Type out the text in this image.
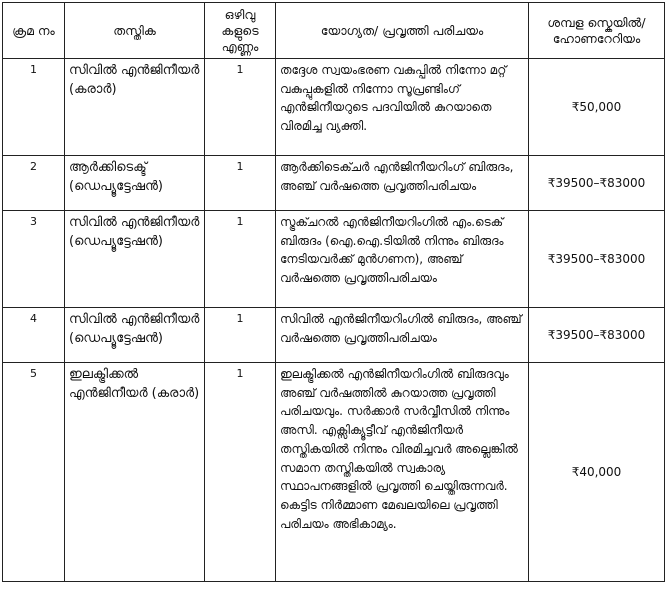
ക്രമ നം	തസ്തിക	ഒഴിവു കളുടെ എണ്ണം	യോഗ്യത/ പ്രവൃത്തി പരിചയം	ശമ്പള സ്കെയിൽ/ ഹോണറേറിയം
1	സിവിൽ എൻജിനീയർ (കരാർ)	1	തദ്ദേശ സ്വയംഭരണ വകുപ്പിൽ നിന്നോ മറ്റ് വകുപ്പുകളിൽ നിന്നോ സൂപ്രണ്ടിംഗ് എൻജിനീയറുടെ പദവിയിൽ കുറയാതെ വിരമിച്ച വ്യക്തി.	₹50,000
2	ആർക്കിടെക്ട് (ഡെപ്യൂട്ടേഷൻ)	1	ആർക്കിടെക്ചർ എൻജിനീയറിംഗ് ബിരുദം, അഞ്ച് വർഷത്തെ പ്രവൃത്തിപരിചയം	₹39500–₹83000
3	സിവിൽ എൻജിനീയർ (ഡെപ്യൂട്ടേഷൻ)	1	സ്ട്രക്ചറൽ എൻജിനീയറിംഗിൽ എം.ടെക് ബിരുദം (ഐ.ഐ.ടിയിൽ നിന്നും ബിരുദം നേടിയവർക്ക് മുൻഗണന), അഞ്ച് വർഷത്തെ പ്രവൃത്തിപരിചയം	₹39500–₹83000
4	സിവിൽ എൻജിനീയർ (ഡെപ്യൂട്ടേഷൻ)	1	സിവിൽ എൻജിനീയറിംഗിൽ ബിരുദം, അഞ്ച് വർഷത്തെ പ്രവൃത്തിപരിചയം	₹39500–₹83000
5	ഇലക്ട്രിക്കൽ എൻജിനീയർ (കരാർ)	1	ഇലക്ട്രിക്കൽ എൻജിനീയറിംഗിൽ ബിരുദവും അഞ്ച് വർഷത്തിൽ കുറയാത്ത പ്രവൃത്തി പരിചയവും. സർക്കാർ സർവ്വീസിൽ നിന്നും അസി. എക്സിക്യൂട്ടീവ് എൻജിനീയർ തസ്തികയിൽ നിന്നും വിരമിച്ചവർ അല്ലെങ്കിൽ സമാന തസ്തികയിൽ സ്വകാര്യ സ്ഥാപനങ്ങളിൽ പ്രവൃത്തി ചെയ്തിരുന്നവർ. കെട്ടിട നിർമ്മാണ മേഖലയിലെ പ്രവൃത്തി പരിചയം അഭികാമ്യം.	₹40,000
